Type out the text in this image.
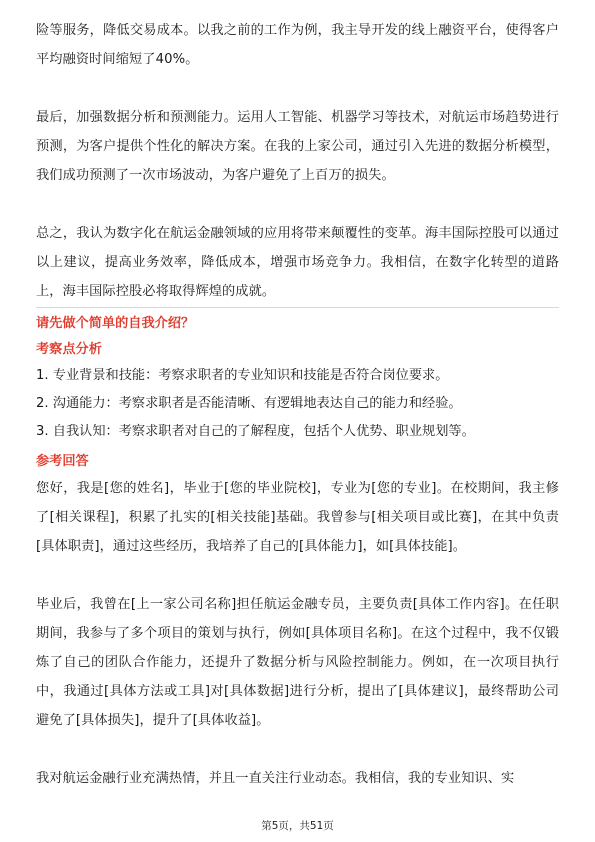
险等服务，降低交易成本。以我之前的工作为例，我主导开发的线上融资平台，使得客户平均融资时间缩短了40%。

最后，加强数据分析和预测能力。运用人工智能、机器学习等技术，对航运市场趋势进行预测，为客户提供个性化的解决方案。在我的上家公司，通过引入先进的数据分析模型，我们成功预测了一次市场波动，为客户避免了上百万的损失。

总之，我认为数字化在航运金融领域的应用将带来颠覆性的变革。海丰国际控股可以通过以上建议，提高业务效率，降低成本，增强市场竞争力。我相信，在数字化转型的道路上，海丰国际控股必将取得辉煌的成就。

请先做个简单的自我介绍？

考察点分析

1. 专业背景和技能：考察求职者的专业知识和技能是否符合岗位要求。

2. 沟通能力：考察求职者是否能清晰、有逻辑地表达自己的能力和经验。

3. 自我认知：考察求职者对自己的了解程度，包括个人优势、职业规划等。

参考回答

您好，我是[您的姓名]，毕业于[您的毕业院校]，专业为[您的专业]。在校期间，我主修了[相关课程]，积累了扎实的[相关技能]基础。我曾参与[相关项目或比赛]，在其中负责[具体职责]，通过这些经历，我培养了自己的[具体能力]，如[具体技能]。

毕业后，我曾在[上一家公司名称]担任航运金融专员，主要负责[具体工作内容]。在任职期间，我参与了多个项目的策划与执行，例如[具体项目名称]。在这个过程中，我不仅锻炼了自己的团队合作能力，还提升了数据分析与风险控制能力。例如，在一次项目执行中，我通过[具体方法或工具]对[具体数据]进行分析，提出了[具体建议]，最终帮助公司避免了[具体损失]，提升了[具体收益]。

我对航运金融行业充满热情，并且一直关注行业动态。我相信，我的专业知识、实

第5页，共51页
